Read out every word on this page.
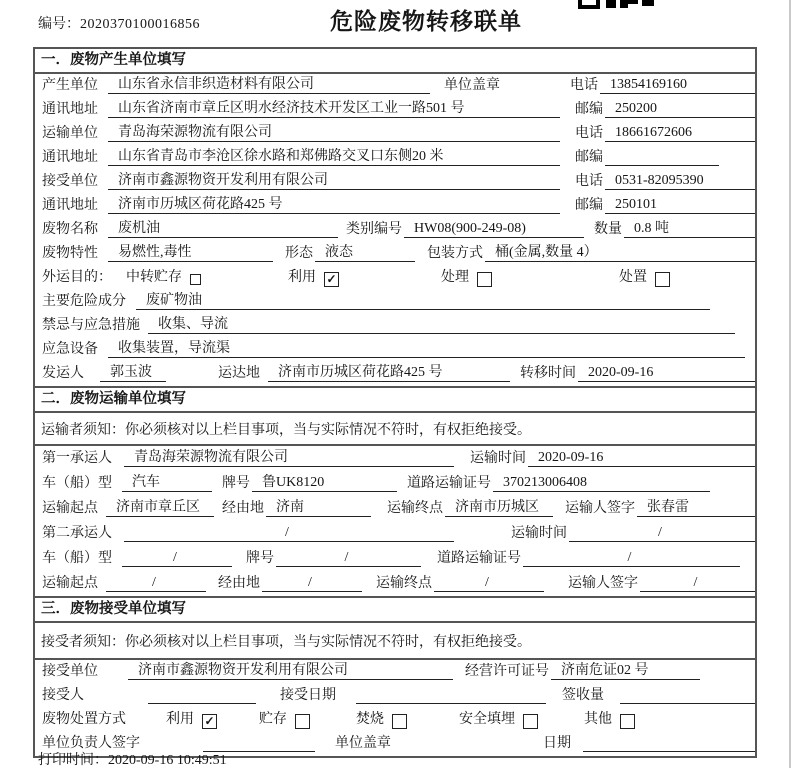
编号：2020370100016856	危险废物转移联单
一．废物产生单位填写
产生单位	山东省永信非织造材料有限公司	单位盖章	电话 13854169160
通讯地址	山东省济南市章丘区明水经济技术开发区工业一路501 号	邮编 250200
运输单位	青岛海荣源物流有限公司	电话 18661672606
通讯地址	山东省青岛市李沧区徐水路和郑佛路交叉口东侧20 米	邮编
接受单位	济南市鑫源物资开发利用有限公司	电话 0531-82095390
通讯地址	济南市历城区荷花路425 号	邮编 250101
废物名称	废机油	类别编号 HW08(900-249-08)	数量 0.8 吨
废物特性	易燃性,毒性	形态 液态	包装方式 桶(金属,数量 4）
外运目的： 中转贮存	利用 ✓	处理	处置
主要危险成分	废矿物油
禁忌与应急措施	收集、导流
应急设备	收集装置，导流渠
发运人	郭玉波	运达地	济南市历城区荷花路425 号	转移时间 2020-09-16
二．废物运输单位填写
运输者须知：你必须核对以上栏目事项，当与实际情况不符时，有权拒绝接受。
第一承运人	青岛海荣源物流有限公司	运输时间 2020-09-16
车（船）型	汽车	牌号 鲁UK8120	道路运输证号 370213006408
运输起点	济南市章丘区	经由地 济南	运输终点 济南市历城区	运输人签字 张春雷
第二承运人	/	运输时间	/
车（船）型	/	牌号	/	道路运输证号	/
运输起点	/	经由地	/	运输终点	/	运输人签字	/
三．废物接受单位填写
接受者须知：你必须核对以上栏目事项，当与实际情况不符时，有权拒绝接受。
接受单位	济南市鑫源物资开发利用有限公司	经营许可证号 济南危证02 号
接受人	接受日期	签收量
废物处置方式	利用 ✓	贮存	焚烧	安全填埋	其他
单位负责人签字	单位盖章	日期
打印时间：2020-09-16 10:49:51
